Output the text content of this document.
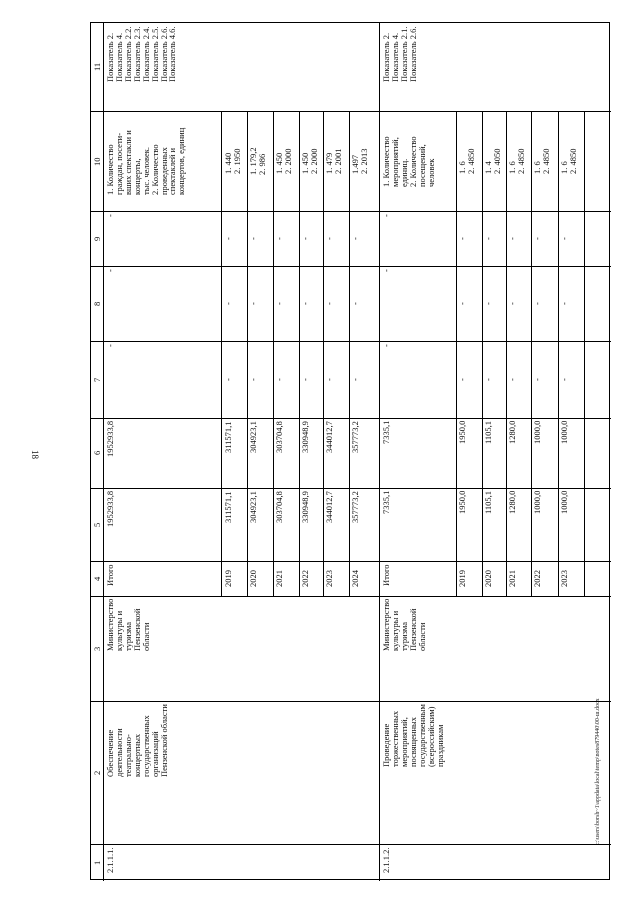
18
c:\users\borsh~1\appdata\local\temp\notes879440\00-ш.docx
1
2
3
4
5
6
7
8
9
10
11
2.1.1.1.
Обеспечение
деятельности
театрально-
концертных
государственных
организаций
Пензенской области
Министерство
культуры и
туризма
Пензенской
области
Итого
1952933,8
1952933,8
-
-
-
1. Количество
граждан, посети-
вших спектакли и
концерты,
тыс. человек.
2. Количество
проведенных
спектаклей и
концертов, единиц
Показатель 2.
Показатель 4.
Показатель 2.2.
Показатель 2.3.
Показатель 2.4.
Показатель 2.5.
Показатель 2.6.
Показатель 4.6.
2019
311571,1
311571,1
-
-
-
1. 440
2. 1950
2020
304923,1
304923,1
-
-
-
1. 179,2
2. 986
2021
303704,8
303704,8
-
-
-
1. 450
2. 2000
2022
330948,9
330948,9
-
-
-
1. 450
2. 2000
2023
344012,7
344012,7
-
-
-
1. 479
2. 2001
2024
357773,2
357773,2
-
-
-
1.497
2. 2013
2.1.1.2.
Проведение
торжественных
мероприятий,
посвященных
государственным
(всероссийским)
праздникам
Министерство
культуры и
туризма
Пензенской
области
Итого
7335,1
7335,1
-
-
-
1. Количество
мероприятий,
единиц.
2. Количество
посещений,
человек
Показатель 2.
Показатель 4.
Показатель 2.1.
Показатель 2.6.
2019
1950,0
1950,0
-
-
-
1. 6
2. 4850
2020
1105,1
1105,1
-
-
-
1. 4
2. 4050
2021
1280,0
1280,0
-
-
-
1. 6
2. 4850
2022
1000,0
1000,0
-
-
-
1. 6
2. 4850
2023
1000,0
1000,0
-
-
-
1. 6
2. 4850
